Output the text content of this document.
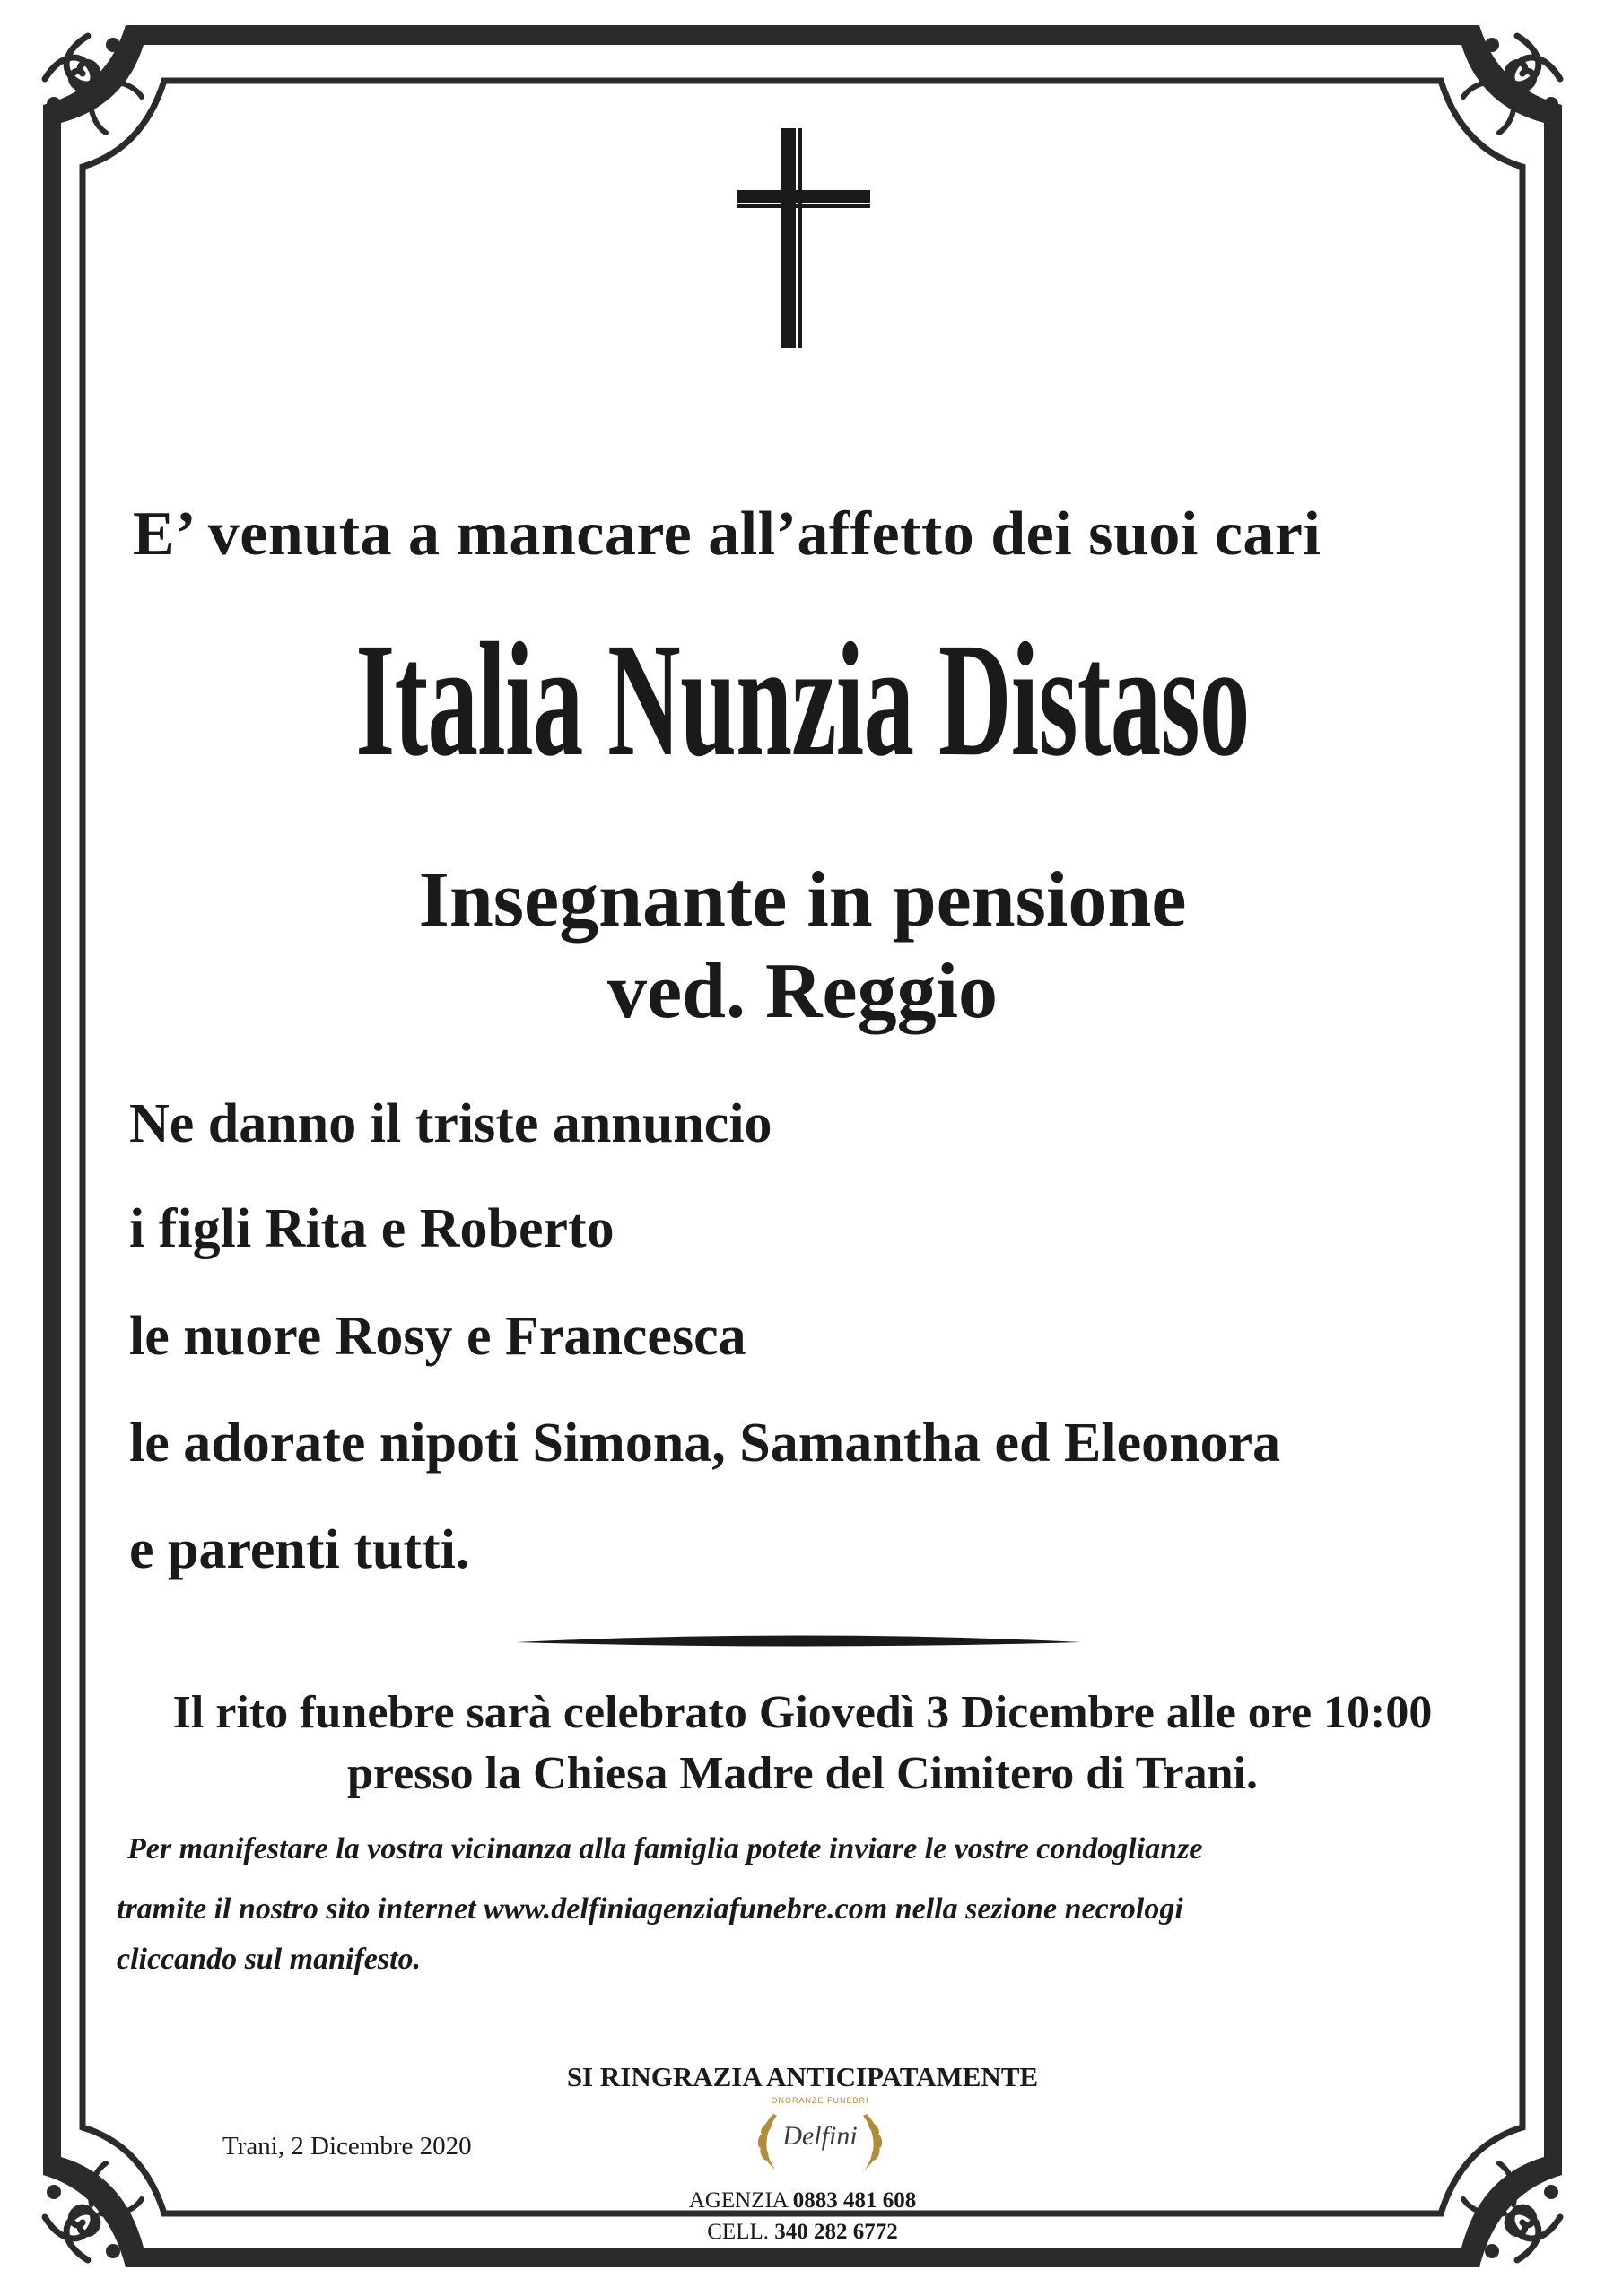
E’ venuta a mancare all’affetto dei suoi cari
Italia Nunzia Distaso
Insegnante in pensione
ved. Reggio
Ne danno il triste annuncio
i figli Rita e Roberto
le nuore Rosy e Francesca
le adorate nipoti Simona, Samantha ed Eleonora
e parenti tutti.
Il rito funebre sarà celebrato Giovedì 3 Dicembre alle ore 10:00
presso la Chiesa Madre del Cimitero di Trani.
Per manifestare la vostra vicinanza alla famiglia potete inviare le vostre condoglianze
tramite il nostro sito internet www.delfiniagenziafunebre.com nella sezione necrologi
cliccando sul manifesto.
SI RINGRAZIA ANTICIPATAMENTE
Trani, 2 Dicembre 2020
ONORANZE FUNEBRI
Delfini
AGENZIA 0883 481 608
CELL. 340 282 6772
